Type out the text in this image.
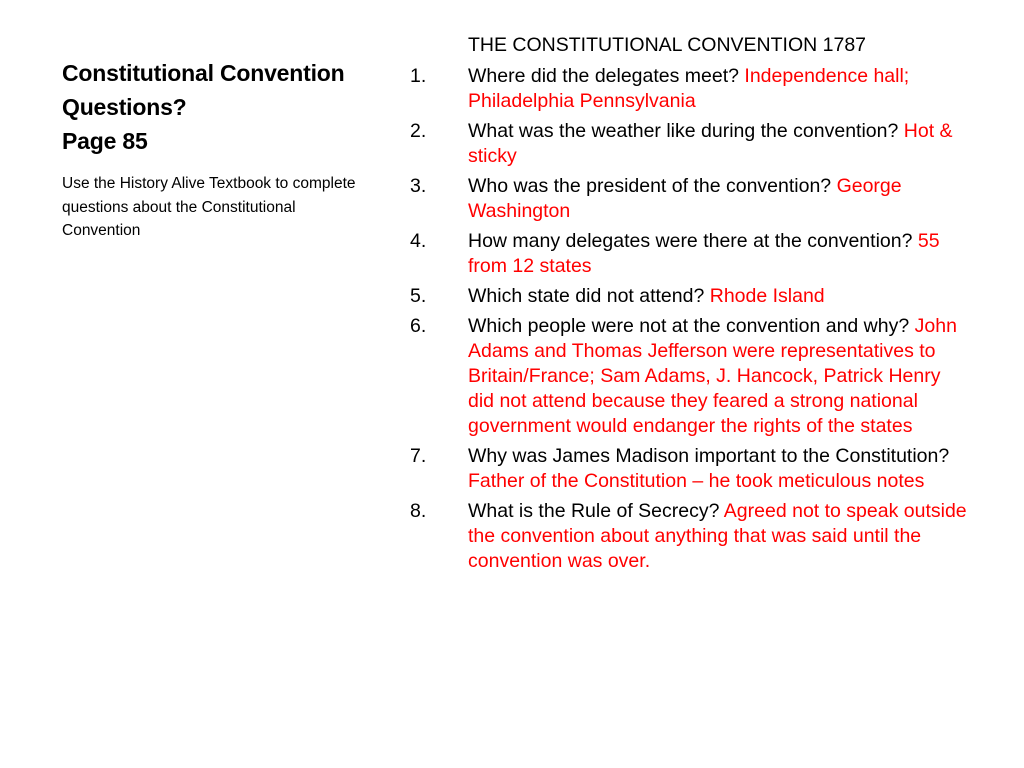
Constitutional Convention
Questions?
Page 85
Use the History Alive Textbook to complete questions about the Constitutional Convention
THE CONSTITUTIONAL CONVENTION 1787
1. Where did the delegates meet? Independence hall; Philadelphia Pennsylvania
2. What was the weather like during the convention? Hot & sticky
3. Who was the president of the convention? George Washington
4. How many delegates were there at the convention? 55 from 12 states
5. Which state did not attend? Rhode Island
6. Which people were not at the convention and why? John Adams and Thomas Jefferson were representatives to Britain/France; Sam Adams, J. Hancock, Patrick Henry did not attend because they feared a strong national government would endanger the rights of the states
7. Why was James Madison important to the Constitution? Father of the Constitution – he took meticulous notes
8. What is the Rule of Secrecy? Agreed not to speak outside the convention about anything that was said until the convention was over.
